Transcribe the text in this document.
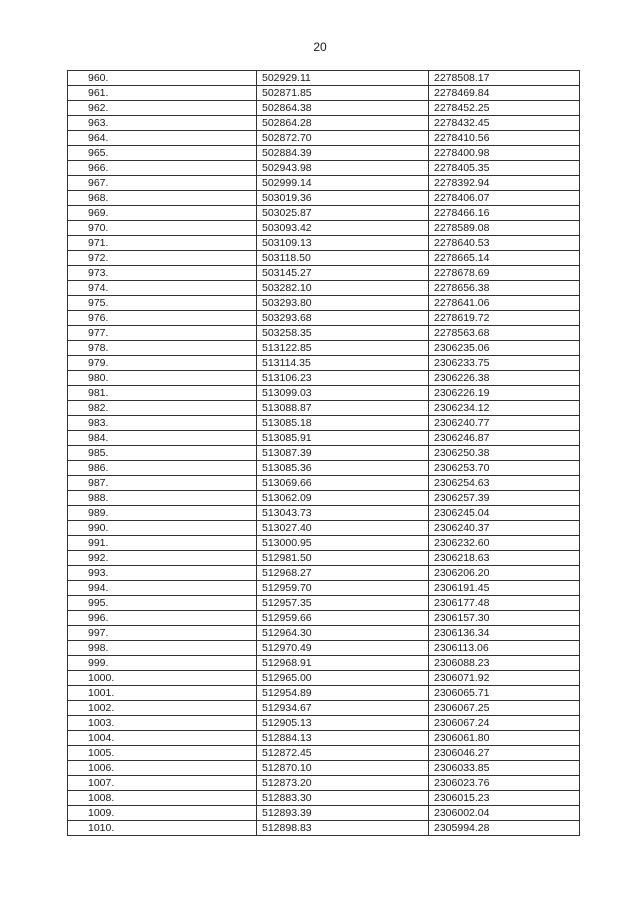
20
960.	502929.11	2278508.17
961.	502871.85	2278469.84
962.	502864.38	2278452.25
963.	502864.28	2278432.45
964.	502872.70	2278410.56
965.	502884.39	2278400.98
966.	502943.98	2278405.35
967.	502999.14	2278392.94
968.	503019.36	2278406.07
969.	503025.87	2278466.16
970.	503093.42	2278589.08
971.	503109.13	2278640.53
972.	503118.50	2278665.14
973.	503145.27	2278678.69
974.	503282.10	2278656.38
975.	503293.80	2278641.06
976.	503293.68	2278619.72
977.	503258.35	2278563.68
978.	513122.85	2306235.06
979.	513114.35	2306233.75
980.	513106.23	2306226.38
981.	513099.03	2306226.19
982.	513088.87	2306234.12
983.	513085.18	2306240.77
984.	513085.91	2306246.87
985.	513087.39	2306250.38
986.	513085.36	2306253.70
987.	513069.66	2306254.63
988.	513062.09	2306257.39
989.	513043.73	2306245.04
990.	513027.40	2306240.37
991.	513000.95	2306232.60
992.	512981.50	2306218.63
993.	512968.27	2306206.20
994.	512959.70	2306191.45
995.	512957.35	2306177.48
996.	512959.66	2306157.30
997.	512964.30	2306136.34
998.	512970.49	2306113.06
999.	512968.91	2306088.23
1000.	512965.00	2306071.92
1001.	512954.89	2306065.71
1002.	512934.67	2306067.25
1003.	512905.13	2306067.24
1004.	512884.13	2306061.80
1005.	512872.45	2306046.27
1006.	512870.10	2306033.85
1007.	512873.20	2306023.76
1008.	512883.30	2306015.23
1009.	512893.39	2306002.04
1010.	512898.83	2305994.28
